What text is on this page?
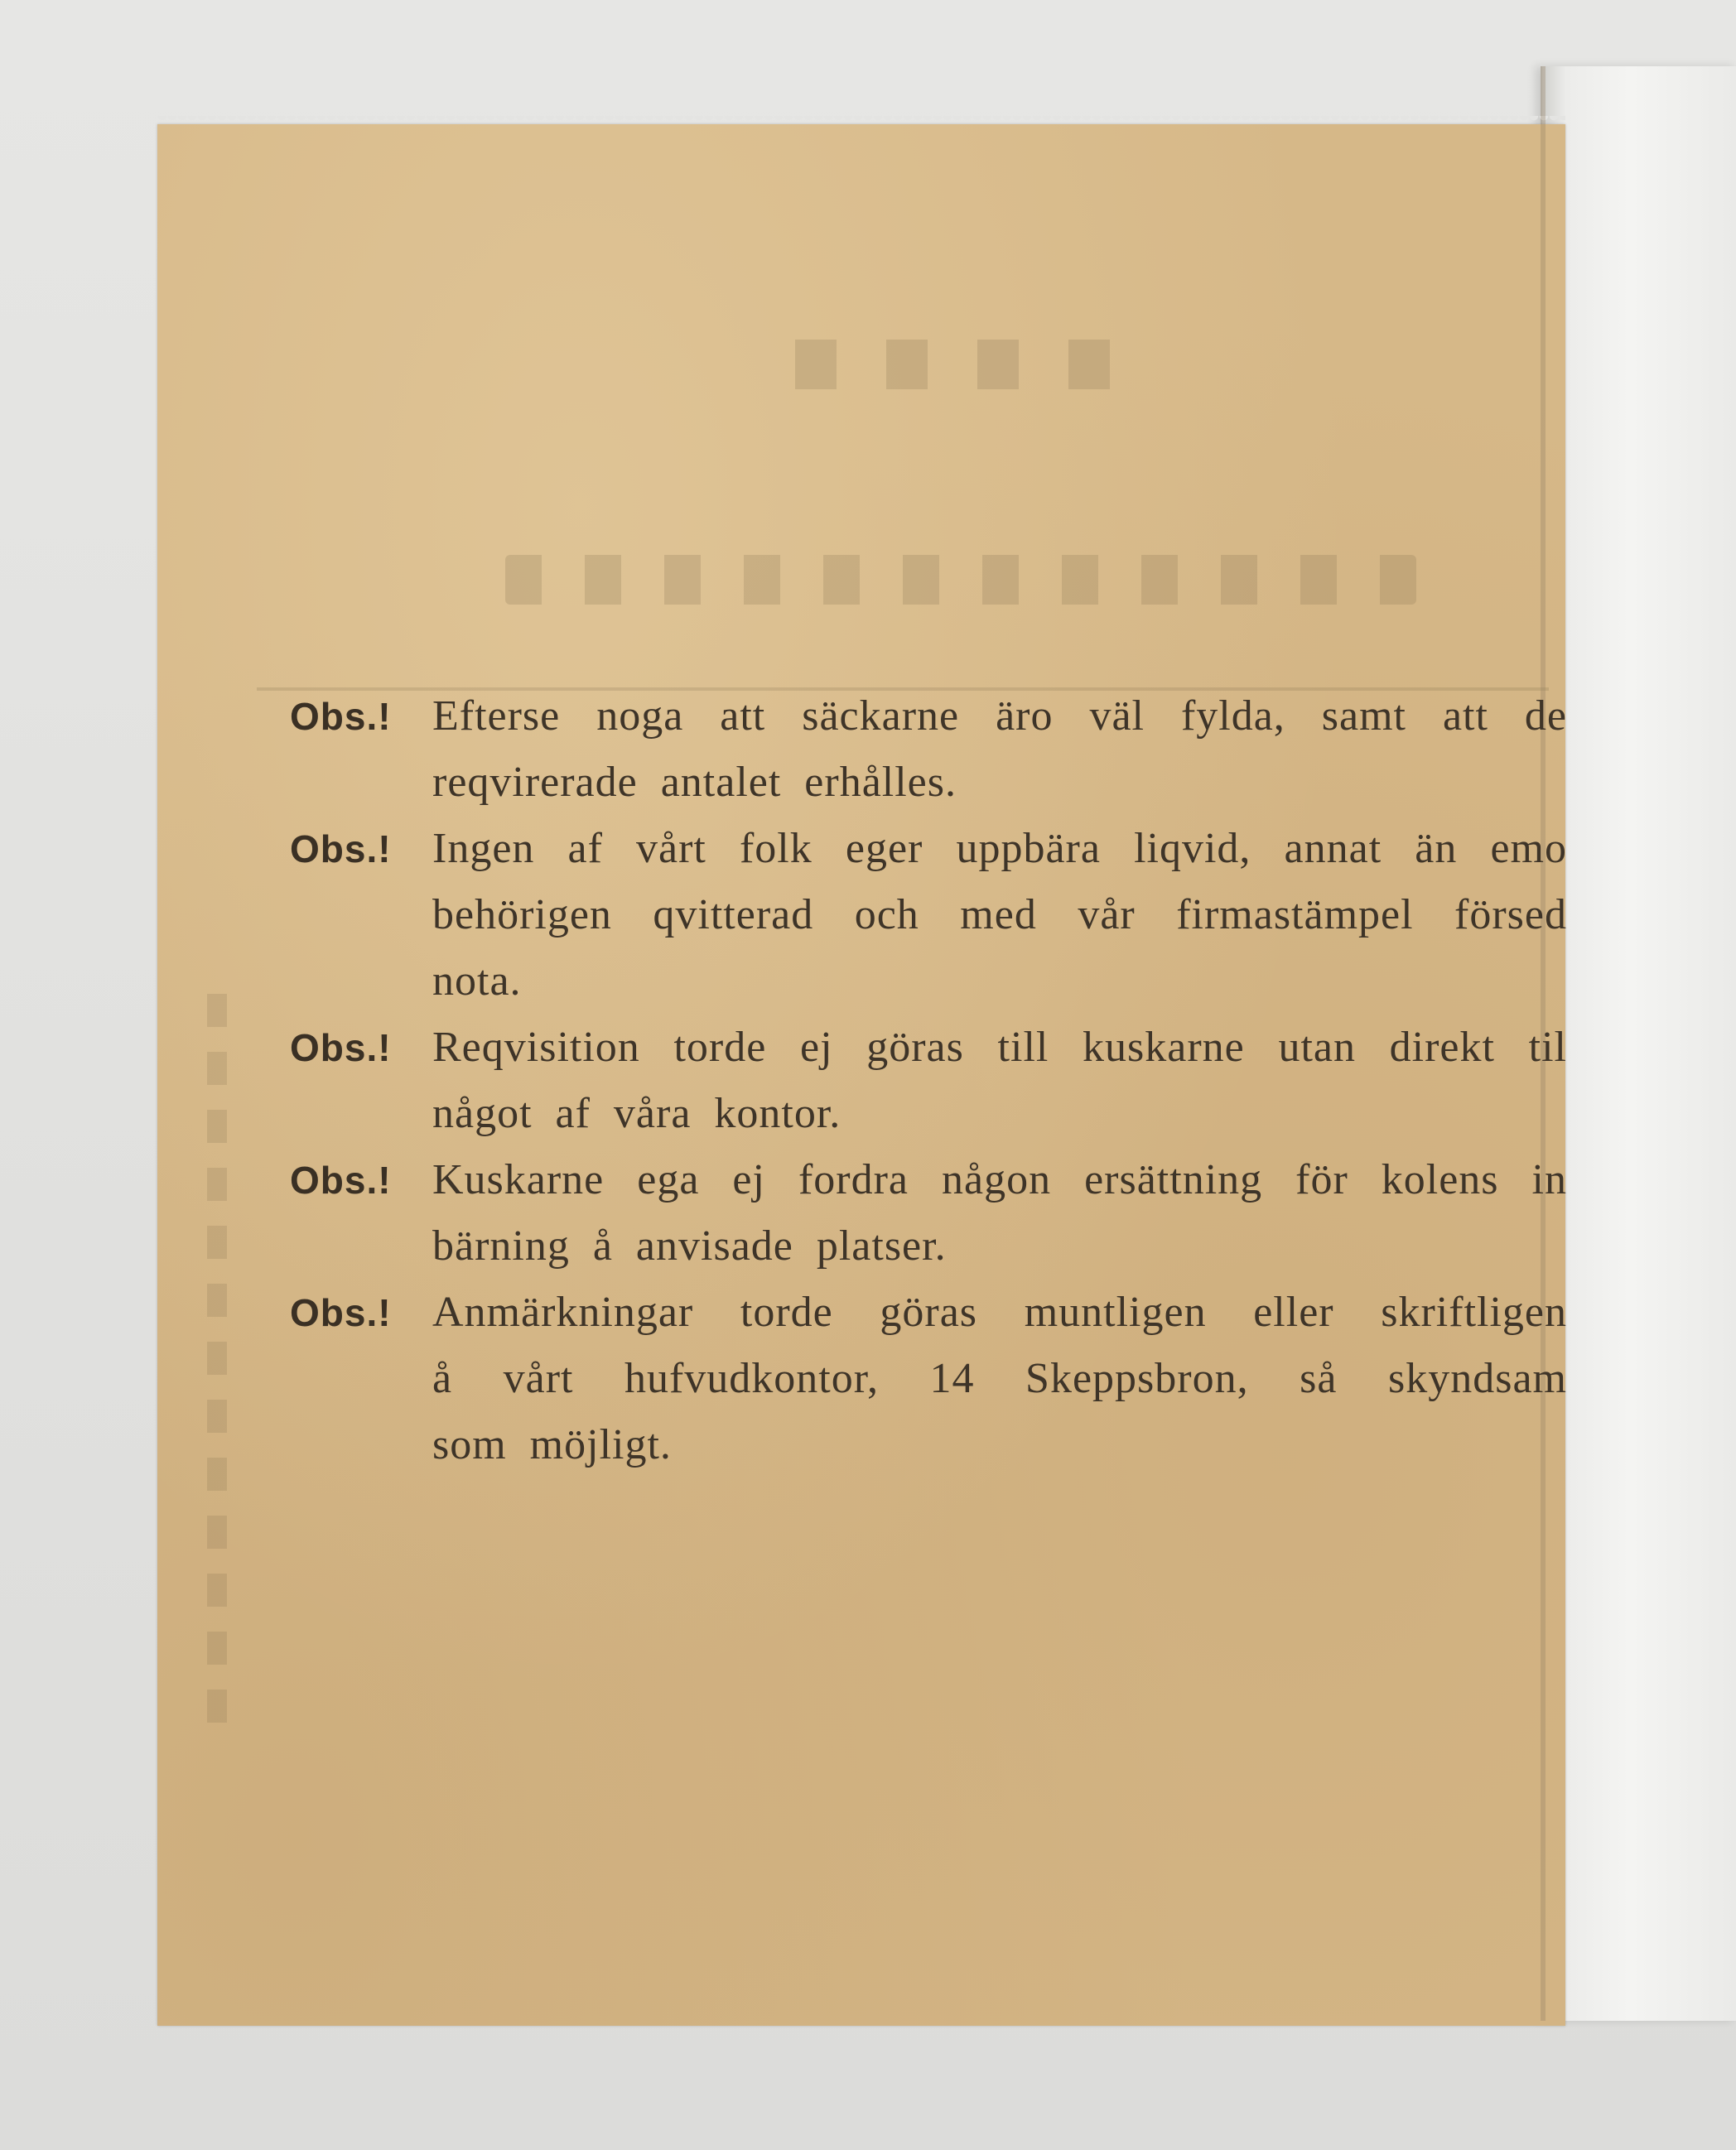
Obs.! Efterse noga att säckarne äro väl fylda, samt att de
reqvirerade antalet erhålles.
Obs.! Ingen af vårt folk eger uppbära liqvid, annat än emo
behörigen qvitterad och med vår firmastämpel försed
nota.
Obs.! Reqvisition torde ej göras till kuskarne utan direkt til
något af våra kontor.
Obs.! Kuskarne ega ej fordra någon ersättning för kolens in
bärning å anvisade platser.
Obs.! Anmärkningar torde göras muntligen eller skriftligen
å vårt hufvudkontor, 14 Skeppsbron, så skyndsam
som möjligt.
